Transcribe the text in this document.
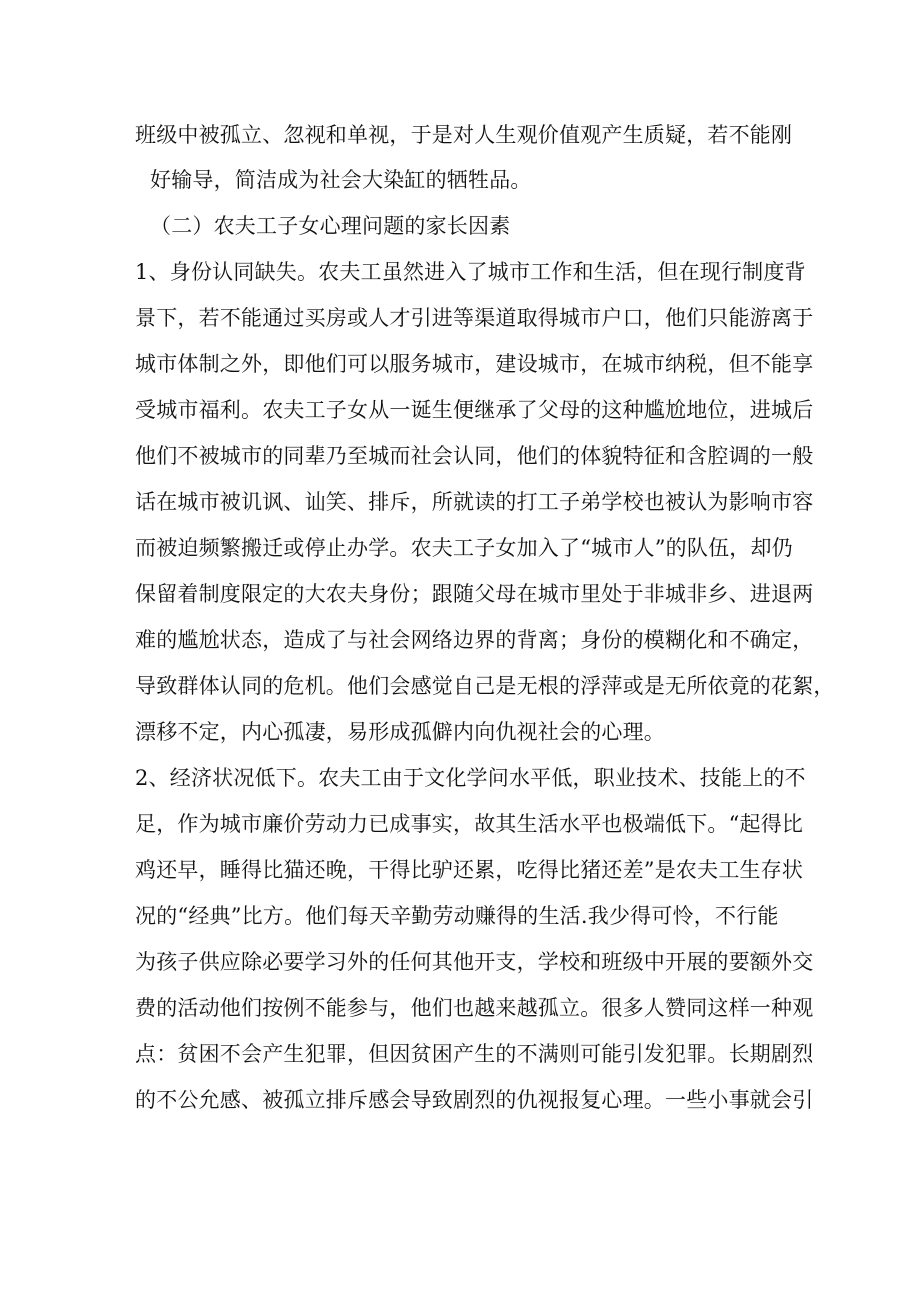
班级中被孤立、忽视和单视，于是对人生观价值观产生质疑，若不能刚
好输导，简洁成为社会大染缸的牺牲品。
（二）农夫工子女心理问题的家长因素
1、身份认同缺失。农夫工虽然进入了城市工作和生活，但在现行制度背
景下，若不能通过买房或人才引进等渠道取得城市户口，他们只能游离于
城市体制之外，即他们可以服务城市，建设城市，在城市纳税，但不能享
受城市福利。农夫工子女从一诞生便继承了父母的这种尴尬地位，进城后
他们不被城市的同辈乃至城而社会认同，他们的体貌特征和含腔调的一般
话在城市被讥讽、讪笑、排斥，所就读的打工子弟学校也被认为影响市容
而被迫频繁搬迁或停止办学。农夫工子女加入了“城市人”的队伍，却仍
保留着制度限定的大农夫身份；跟随父母在城市里处于非城非乡、进退两
难的尴尬状态，造成了与社会网络边界的背离；身份的模糊化和不确定，
导致群体认同的危机。他们会感觉自己是无根的浮萍或是无所依竟的花絮，
漂移不定，内心孤凄，易形成孤僻内向仇视社会的心理。
2、经济状况低下。农夫工由于文化学问水平低，职业技术、技能上的不
足，作为城市廉价劳动力已成事实，故其生活水平也极端低下。“起得比
鸡还早，睡得比猫还晚，干得比驴还累，吃得比猪还差”是农夫工生存状
况的“经典”比方。他们每天辛勤劳动赚得的生活.我少得可怜，不行能
为孩子供应除必要学习外的任何其他开支，学校和班级中开展的要额外交
费的活动他们按例不能参与，他们也越来越孤立。很多人赞同这样一种观
点：贫困不会产生犯罪，但因贫困产生的不满则可能引发犯罪。长期剧烈
的不公允感、被孤立排斥感会导致剧烈的仇视报复心理。一些小事就会引
